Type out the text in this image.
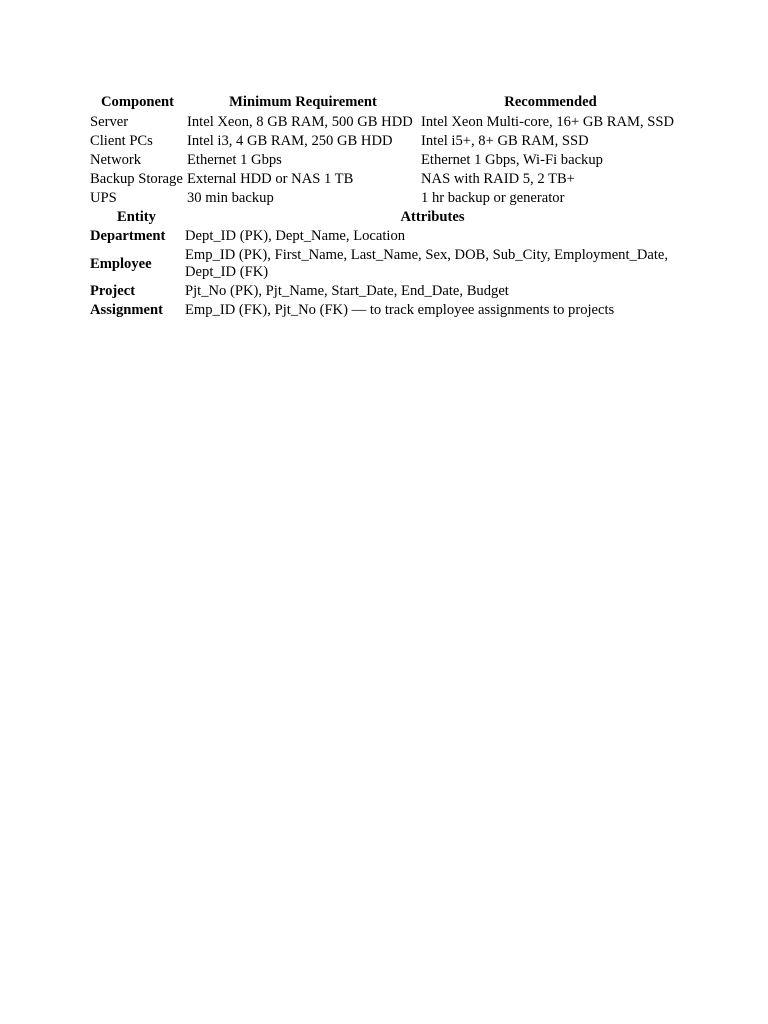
Component	Minimum Requirement	Recommended
Server	Intel Xeon, 8 GB RAM, 500 GB HDD	Intel Xeon Multi-core, 16+ GB RAM, SSD
Client PCs	Intel i3, 4 GB RAM, 250 GB HDD	Intel i5+, 8+ GB RAM, SSD
Network	Ethernet 1 Gbps	Ethernet 1 Gbps, Wi-Fi backup
Backup Storage	External HDD or NAS 1 TB	NAS with RAID 5, 2 TB+
UPS	30 min backup	1 hr backup or generator
Entity	Attributes
Department	Dept_ID (PK), Dept_Name, Location
Employee	Emp_ID (PK), First_Name, Last_Name, Sex, DOB, Sub_City, Employment_Date, Dept_ID (FK)
Project	Pjt_No (PK), Pjt_Name, Start_Date, End_Date, Budget
Assignment	Emp_ID (FK), Pjt_No (FK) — to track employee assignments to projects
